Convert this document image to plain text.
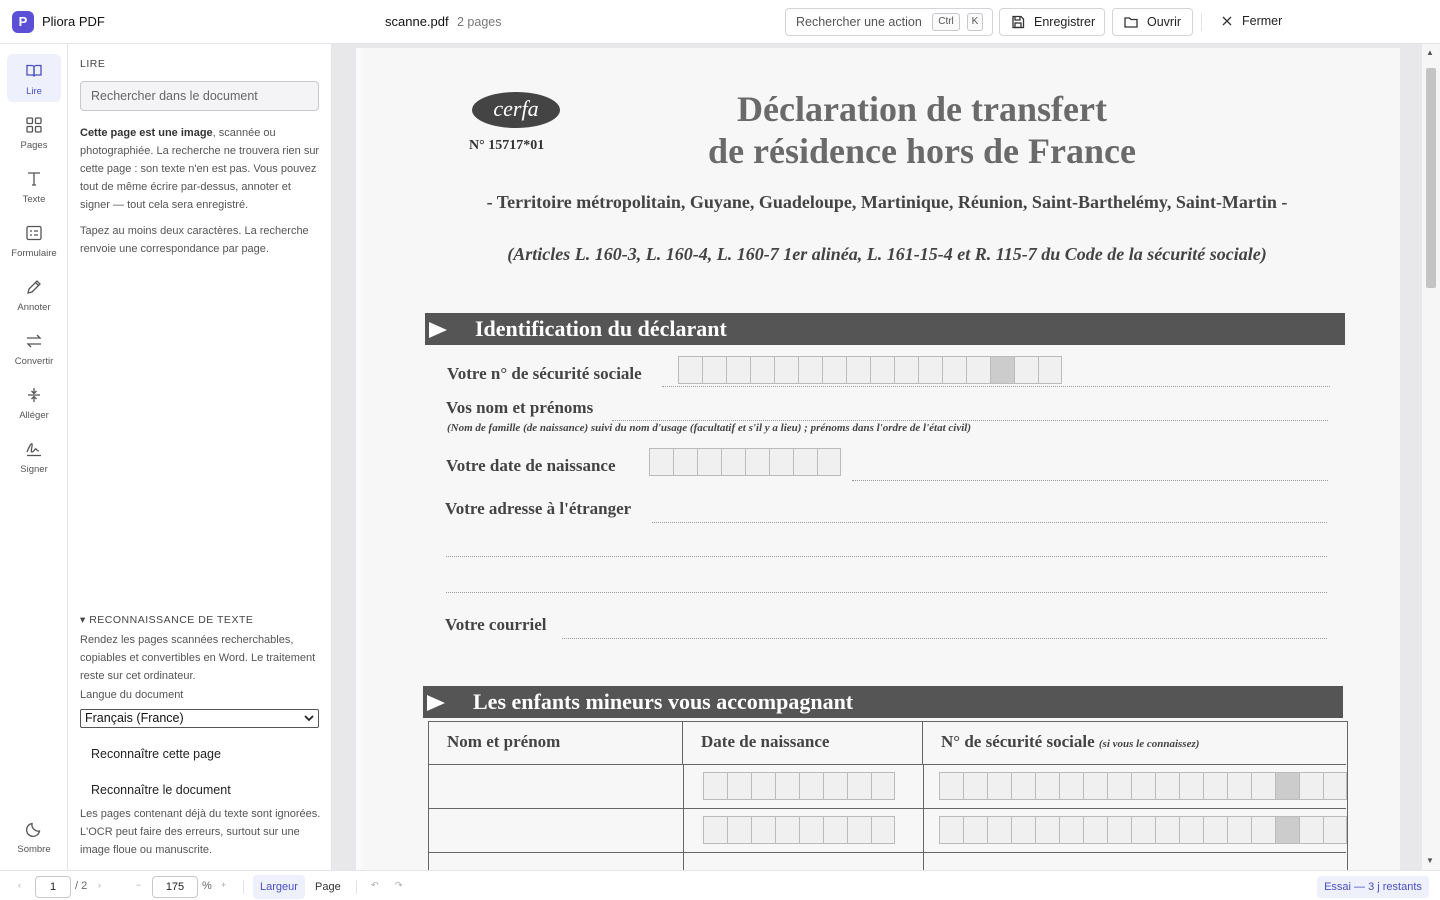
P	Pliora PDF	scanne.pdf 2 pages	Rechercher une action	Ctrl	K	Enregistrer	Ouvrir	Fermer
Lire
Pages
Texte
Formulaire
Annoter
Convertir
Alléger
Signer
Sombre
LIRE
Rechercher dans le document
Cette page est une image, scannée ou photographiée. La recherche ne trouvera rien sur cette page : son texte n'en est pas. Vous pouvez tout de même écrire par-dessus, annoter et signer — tout cela sera enregistré.
Tapez au moins deux caractères. La recherche renvoie une correspondance par page.
▾ RECONNAISSANCE DE TEXTE
Rendez les pages scannées recherchables, copiables et convertibles en Word. Le traitement reste sur cet ordinateur.
Langue du document
Français (France)
Reconnaître cette page
Reconnaître le document
Les pages contenant déjà du texte sont ignorées. L'OCR peut faire des erreurs, surtout sur une image floue ou manuscrite.
cerfa
N° 15717*01
Déclaration de transfert
de résidence hors de France
- Territoire métropolitain, Guyane, Guadeloupe, Martinique, Réunion, Saint-Barthelémy, Saint-Martin -
(Articles L. 160-3, L. 160-4, L. 160-7 1er alinéa, L. 161-15-4 et R. 115-7 du Code de la sécurité sociale)
Identification du déclarant
Votre n° de sécurité sociale
Vos nom et prénoms
(Nom de famille (de naissance) suivi du nom d'usage (facultatif et s'il y a lieu) ; prénoms dans l'ordre de l'état civil)
Votre date de naissance
Votre adresse à l'étranger
Votre courriel
Les enfants mineurs vous accompagnant
Nom et prénom	Date de naissance	N° de sécurité sociale (si vous le connaissez)
▲
▼
‹	1	/ 2 ›	−	175	% +	Largeur	Page	↶ ↷	Essai — 3 j restants
